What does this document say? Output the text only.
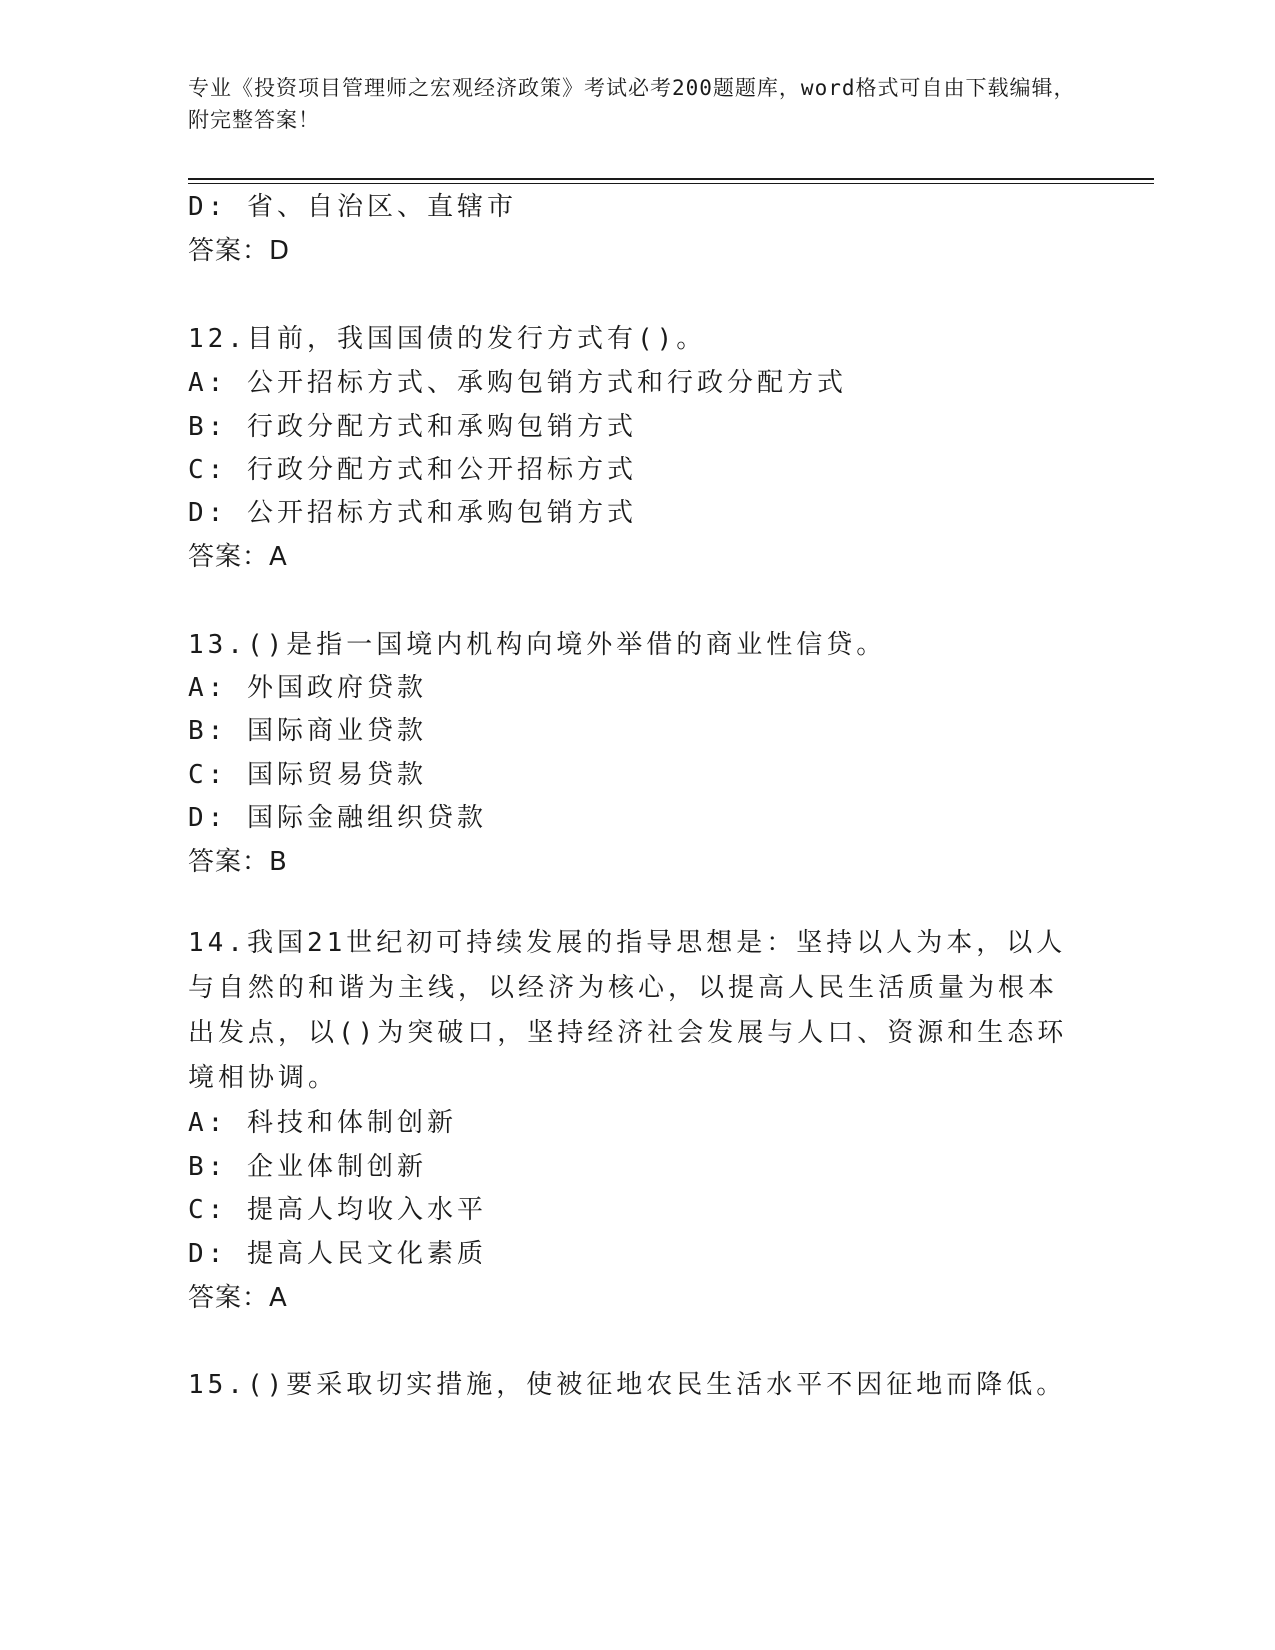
专业《投资项目管理师之宏观经济政策》考试必考200题题库，word格式可自由下载编辑，附完整答案！
D: 省、自治区、直辖市
答案：D
12.目前，我国国债的发行方式有()。
A: 公开招标方式、承购包销方式和行政分配方式
B: 行政分配方式和承购包销方式
C: 行政分配方式和公开招标方式
D: 公开招标方式和承购包销方式
答案：A
13.()是指一国境内机构向境外举借的商业性信贷。
A: 外国政府贷款
B: 国际商业贷款
C: 国际贸易贷款
D: 国际金融组织贷款
答案：B
14.我国21世纪初可持续发展的指导思想是：坚持以人为本，以人与自然的和谐为主线，以经济为核心，以提高人民生活质量为根本出发点，以()为突破口，坚持经济社会发展与人口、资源和生态环境相协调。
A: 科技和体制创新
B: 企业体制创新
C: 提高人均收入水平
D: 提高人民文化素质
答案：A
15.()要采取切实措施，使被征地农民生活水平不因征地而降低。
